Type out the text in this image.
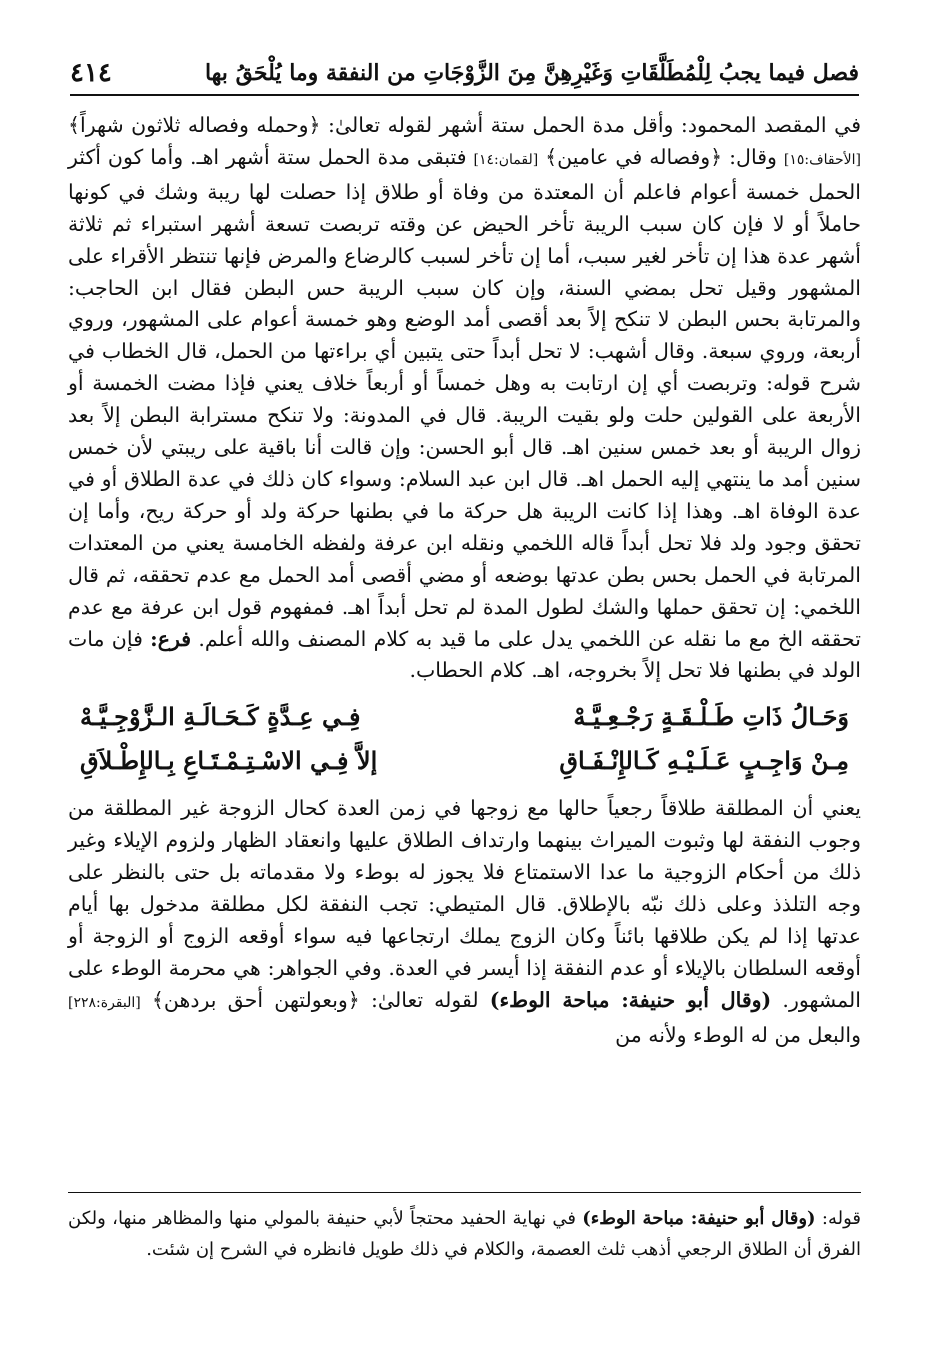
٤١٤	فصل فيما يجبُ لِلْمُطَلَّقَاتِ وَغَيْرِهِنَّ مِنَ الزَّوْجَاتِ من النفقة وما يُلْحَقُ بها

في المقصد المحمود: وأقل مدة الحمل ستة أشهر لقوله تعالىٰ: ﴿وحمله وفصاله ثلاثون شهراً﴾ [الأحقاف:١٥] وقال: ﴿وفصاله في عامين﴾ [لقمان:١٤] فتبقى مدة الحمل ستة أشهر اهـ. وأما كون أكثر الحمل خمسة أعوام فاعلم أن المعتدة من وفاة أو طلاق إذا حصلت لها ريبة وشك في كونها حاملاً أو لا فإن كان سبب الريبة تأخر الحيض عن وقته تربصت تسعة أشهر استبراء ثم ثلاثة أشهر عدة هذا إن تأخر لغير سبب، أما إن تأخر لسبب كالرضاع والمرض فإنها تنتظر الأقراء على المشهور وقيل تحل بمضي السنة، وإن كان سبب الريبة حس البطن فقال ابن الحاجب: والمرتابة بحس البطن لا تنكح إلاً بعد أقصى أمد الوضع وهو خمسة أعوام على المشهور، وروي أربعة، وروي سبعة. وقال أشهب: لا تحل أبداً حتى يتبين أي براءتها من الحمل، قال الخطاب في شرح قوله: وتربصت أي إن ارتابت به وهل خمساً أو أربعاً خلاف يعني فإذا مضت الخمسة أو الأربعة على القولين حلت ولو بقيت الريبة. قال في المدونة: ولا تنكح مسترابة البطن إلاً بعد زوال الريبة أو بعد خمس سنين اهـ. قال أبو الحسن: وإن قالت أنا باقية على ريبتي لأن خمس سنين أمد ما ينتهي إليه الحمل اهـ. قال ابن عبد السلام: وسواء كان ذلك في عدة الطلاق أو في عدة الوفاة اهـ. وهذا إذا كانت الريبة هل حركة ما في بطنها حركة ولد أو حركة ريح، وأما إن تحقق وجود ولد فلا تحل أبداً قاله اللخمي ونقله ابن عرفة ولفظه الخامسة يعني من المعتدات المرتابة في الحمل بحس بطن عدتها بوضعه أو مضي أقصى أمد الحمل مع عدم تحققه، ثم قال اللخمي: إن تحقق حملها والشك لطول المدة لم تحل أبداً اهـ. فمفهوم قول ابن عرفة مع عدم تحققه الخ مع ما نقله عن اللخمي يدل على ما قيد به كلام المصنف والله أعلم. فرع: فإن مات الولد في بطنها فلا تحل إلاً بخروجه، اهـ. كلام الحطاب.

وَحَـالُ ذَاتِ طَـلْـقَـةٍ رَجْـعِـيَّـهْ
فِـي عِـدَّةٍ كَـحَـالَـةِ الـزَّوْجِـيَّـهْ
مِـنْ وَاجِـبٍ عَـلَـيْـهِ كَـالإِنْـفَـاقِ
إلاَّ فِـي الاسْـتِـمْـتَـاعِ بِـالإِطْـلاَقِ

يعني أن المطلقة طلاقاً رجعياً حالها مع زوجها في زمن العدة كحال الزوجة غير المطلقة من وجوب النفقة لها وثبوت الميراث بينهما وارتداف الطلاق عليها وانعقاد الظهار ولزوم الإيلاء وغير ذلك من أحكام الزوجية ما عدا الاستمتاع فلا يجوز له بوطء ولا مقدماته بل حتى بالنظر على وجه التلذذ وعلى ذلك نبّه بالإطلاق. قال المتيطي: تجب النفقة لكل مطلقة مدخول بها أيام عدتها إذا لم يكن طلاقها بائناً وكان الزوج يملك ارتجاعها فيه سواء أوقعه الزوج أو الزوجة أو أوقعه السلطان بالإيلاء أو عدم النفقة إذا أيسر في العدة. وفي الجواهر: هي محرمة الوطء على المشهور. (وقال أبو حنيفة: مباحة الوطء) لقوله تعالىٰ: ﴿وبعولتهن أحق بردهن﴾ [البقرة:٢٢٨] والبعل من له الوطء ولأنه من

قوله: (وقال أبو حنيفة: مباحة الوطء) في نهاية الحفيد محتجاً لأبي حنيفة بالمولي منها والمظاهر منها، ولكن الفرق أن الطلاق الرجعي أذهب ثلث العصمة، والكلام في ذلك طويل فانظره في الشرح إن شئت.
